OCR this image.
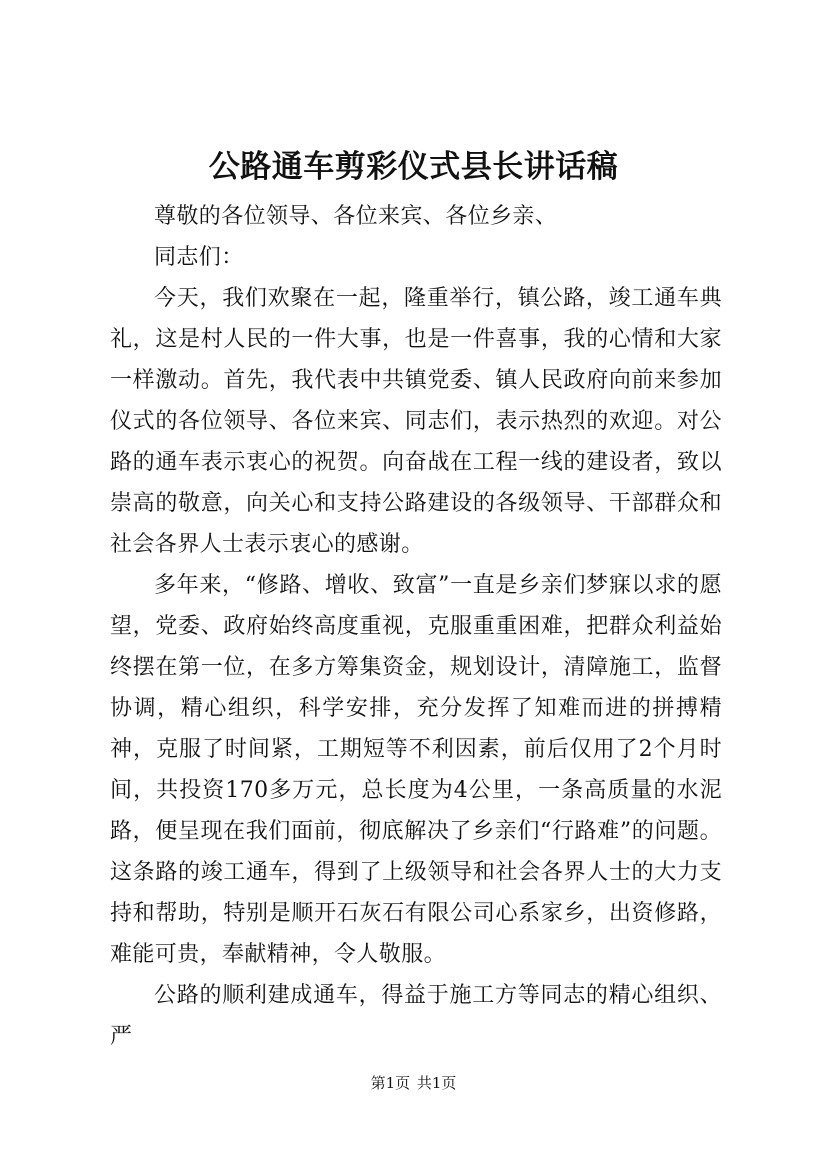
公路通车剪彩仪式县长讲话稿

尊敬的各位领导、各位来宾、各位乡亲、

同志们：

今天，我们欢聚在一起，隆重举行，镇公路，竣工通车典礼，这是村人民的一件大事，也是一件喜事，我的心情和大家一样激动。首先，我代表中共镇党委、镇人民政府向前来参加仪式的各位领导、各位来宾、同志们，表示热烈的欢迎。对公路的通车表示衷心的祝贺。向奋战在工程一线的建设者，致以崇高的敬意，向关心和支持公路建设的各级领导、干部群众和社会各界人士表示衷心的感谢。

多年来，“修路、增收、致富”一直是乡亲们梦寐以求的愿望，党委、政府始终高度重视，克服重重困难，把群众利益始终摆在第一位，在多方筹集资金，规划设计，清障施工，监督协调，精心组织，科学安排，充分发挥了知难而进的拼搏精神，克服了时间紧，工期短等不利因素，前后仅用了2个月时间，共投资170多万元，总长度为4公里，一条高质量的水泥路，便呈现在我们面前，彻底解决了乡亲们“行路难”的问题。这条路的竣工通车，得到了上级领导和社会各界人士的大力支持和帮助，特别是顺开石灰石有限公司心系家乡，出资修路，难能可贵，奉献精神，令人敬服。

公路的顺利建成通车，得益于施工方等同志的精心组织、严

第1页 共1页
